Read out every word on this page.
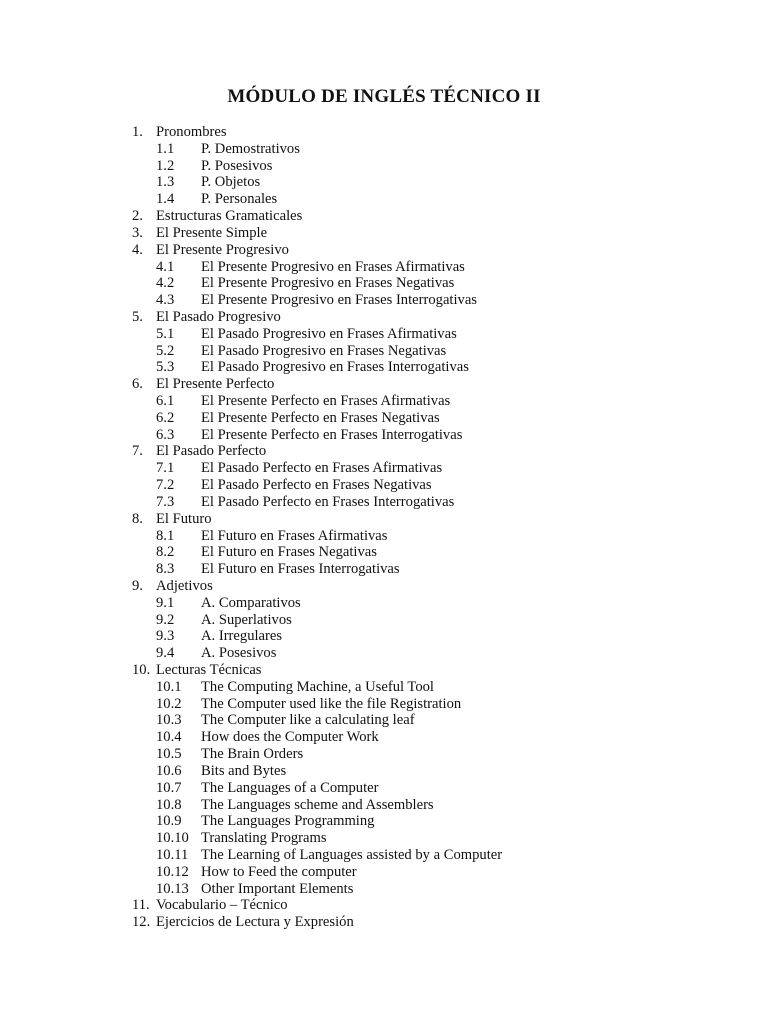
MÓDULO DE INGLÉS TÉCNICO II
1. Pronombres
1.1 P. Demostrativos
1.2 P. Posesivos
1.3 P. Objetos
1.4 P. Personales
2. Estructuras Gramaticales
3. El Presente Simple
4. El Presente Progresivo
4.1 El Presente Progresivo en Frases Afirmativas
4.2 El Presente Progresivo en Frases Negativas
4.3 El Presente Progresivo en Frases Interrogativas
5. El Pasado Progresivo
5.1 El Pasado Progresivo en Frases Afirmativas
5.2 El Pasado Progresivo en Frases Negativas
5.3 El Pasado Progresivo en Frases Interrogativas
6. El Presente Perfecto
6.1 El Presente Perfecto en Frases Afirmativas
6.2 El Presente Perfecto en Frases Negativas
6.3 El Presente Perfecto en Frases Interrogativas
7. El Pasado Perfecto
7.1 El Pasado Perfecto en Frases Afirmativas
7.2 El Pasado Perfecto en Frases Negativas
7.3 El Pasado Perfecto en Frases Interrogativas
8. El Futuro
8.1 El Futuro en Frases Afirmativas
8.2 El Futuro en Frases Negativas
8.3 El Futuro en Frases Interrogativas
9. Adjetivos
9.1 A. Comparativos
9.2 A. Superlativos
9.3 A. Irregulares
9.4 A. Posesivos
10. Lecturas Técnicas
10.1 The Computing Machine, a Useful Tool
10.2 The Computer used like the file Registration
10.3 The Computer like a calculating leaf
10.4 How does the Computer Work
10.5 The Brain Orders
10.6 Bits and Bytes
10.7 The Languages of a Computer
10.8 The Languages scheme and Assemblers
10.9 The Languages Programming
10.10 Translating Programs
10.11 The Learning of Languages assisted by a Computer
10.12 How to Feed the computer
10.13 Other Important Elements
11. Vocabulario – Técnico
12. Ejercicios de Lectura y Expresión
